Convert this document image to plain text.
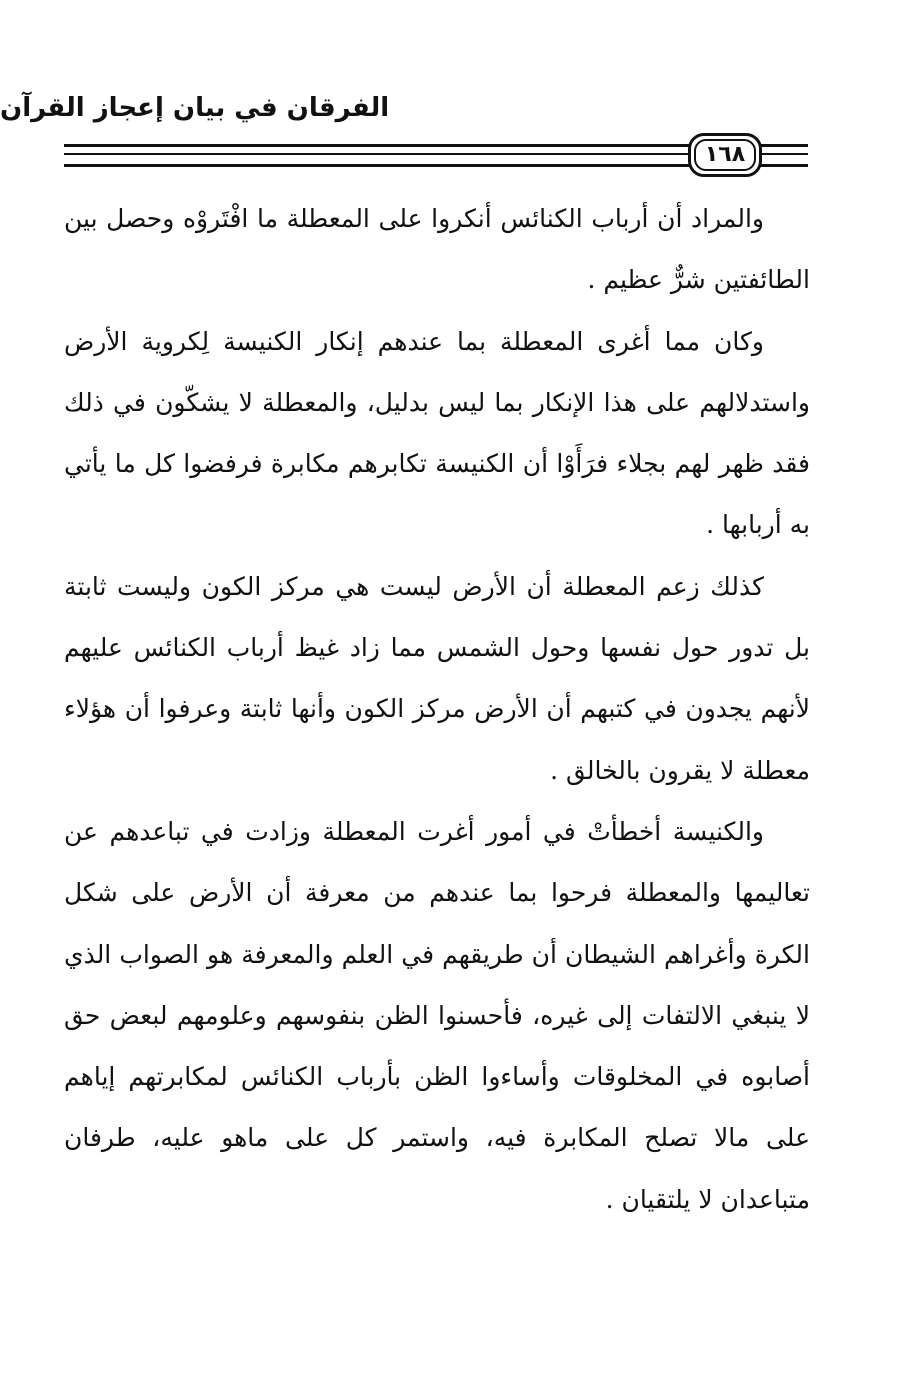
الفرقان في بيان إعجاز القرآن
١٦٨

والمراد أن أرباب الكنائس أنكروا على المعطلة ما افْتَروْه وحصل بين الطائفتين شرٌّ عظيم .

وكان مما أغرى المعطلة بما عندهم إنكار الكنيسة لِكروية الأرض واستدلالهم على هذا الإنكار بما ليس بدليل، والمعطلة لا يشكّون في ذلك فقد ظهر لهم بجلاء فرَأَوْا أن الكنيسة تكابرهم مكابرة فرفضوا كل ما يأتي به أربابها .

كذلك زعم المعطلة أن الأرض ليست هي مركز الكون وليست ثابتة بل تدور حول نفسها وحول الشمس مما زاد غيظ أرباب الكنائس عليهم لأنهم يجدون في كتبهم أن الأرض مركز الكون وأنها ثابتة وعرفوا أن هؤلاء معطلة لا يقرون بالخالق .

والكنيسة أخطأتْ في أمور أغرت المعطلة وزادت في تباعدهم عن تعاليمها والمعطلة فرحوا بما عندهم من معرفة أن الأرض على شكل الكرة وأغراهم الشيطان أن طريقهم في العلم والمعرفة هو الصواب الذي لا ينبغي الالتفات إلى غيره، فأحسنوا الظن بنفوسهم وعلومهم لبعض حق أصابوه في المخلوقات وأساءوا الظن بأرباب الكنائس لمكابرتهم إياهم على مالا تصلح المكابرة فيه، واستمر كل على ماهو عليه، طرفان متباعدان لا يلتقيان .
